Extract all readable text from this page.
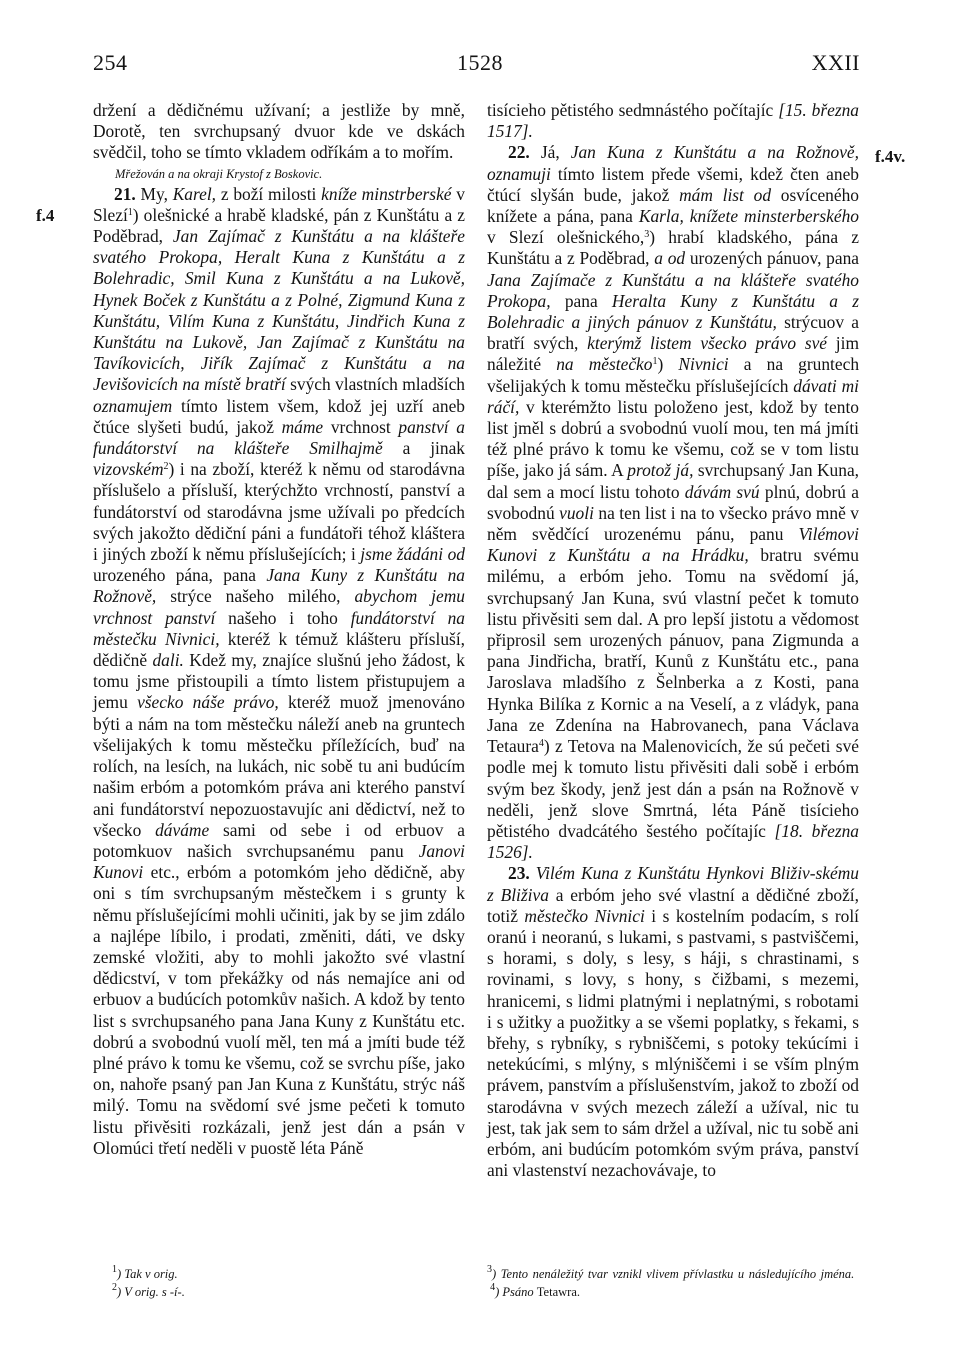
254	1528	XXII
f.4
f.4v.

držení a dědičnému užívaní; a jestliže by mně, Dorotě, ten svrchupsaný dvuor kde ve dskách svědčil, toho se tímto vkladem odříkám a to mořím.

Mřežován a na okraji Krystof z Boskovic.

21. My, Karel, z boží milosti kníže minstrberské v Slezí$^1$) olešnické a hrabě kladské, pán z Kunštátu a z Poděbrad, Jan Zajímač z Kunštátu a na klášteře svatého Prokopa, Heralt Kuna z Kunštátu a z Bolehradic, Smil Kuna z Kunštátu a na Lukově, Hynek Boček z Kunštátu a z Polné, Zigmund Kuna z Kunštátu, Vilím Kuna z Kunštátu, Jindřich Kuna z Kunštátu na Lukově, Jan Zajímač z Kunštátu na Tavíkovicích, Jiřík Zajímač z Kunštátu a na Jevišovicích na místě bratří svých vlastních mladších oznamujem tímto listem všem, kdož jej uzří aneb čtúce slyšeti budú, jakož máme vrchnost panství a fundátorství na klášteře Smilhajmě a jinak vizovském$^2$) i na zboží, kteréž k němu od starodávna příslušelo a přísluší, kterýchžto vrchností, panství a fundátorství od starodávna jsme užívali po předcích svých jakožto dědiční páni a fundátoři téhož kláštera i jiných zboží k němu příslušejících; i jsme žádáni od urozeného pána, pana Jana Kuny z Kunštátu na Rožnově, strýce našeho milého, abychom jemu vrchnost panství našeho i toho fundátorství na městečku Nivnici, kteréž k témuž klášteru přísluší, dědičně dali. Kdež my, znajíce slušnú jeho žádost, k tomu jsme přistoupili a tímto listem přistupujem a jemu všecko náše právo, kteréž muož jmenováno býti a nám na tom městečku náleží aneb na gruntech všelijakých k tomu městečku příležících, buď na rolích, na lesích, na lukách, nic sobě tu ani budúcím našim erbóm a potomkóm práva ani kterého panství ani fundátorství nepozuostavujíc ani dědictví, než to všecko dáváme sami od sebe i od erbuov a potomkuov našich svrchupsanému panu Janovi Kunovi etc., erbóm a potomkóm jeho dědičně, aby oni s tím svrchupsaným městečkem i s grunty k němu příslušejícími mohli učiniti, jak by se jim zdálo a najlépe líbilo, i prodati, změniti, dáti, ve dsky zemské vložiti, aby to mohli jakožto své vlastní dědicství, v tom překážky od nás nemajíce ani od erbuov a budúcích potomkův našich. A kdož by tento list s svrchupsaného pana Jana Kuny z Kunštátu etc. dobrú a svobodnú vuolí měl, ten má a jmíti bude též plné právo k tomu ke všemu, což se svrchu píše, jako on, nahoře psaný pan Jan Kuna z Kunštátu, strýc náš milý. Tomu na svědomí své jsme pečeti k tomuto listu přivěsiti rozkázali, jenž jest dán a psán v Olomúci třetí neděli v puostě léta Páně

tisícieho pětistého sedmnástého počítajíc [15. března 1517].

22. Já, Jan Kuna z Kunštátu a na Rožnově, oznamuji tímto listem přede všemi, kdež čten aneb čtúcí slyšán bude, jakož mám list od osvíceného knížete a pána, pana Karla, knížete minsterberského v Slezí olešnického,$^3$) hrabí kladského, pána z Kunštátu a z Poděbrad, a od urozených pánuov, pana Jana Zajímače z Kunštátu a na klášteře svatého Prokopa, pana Heralta Kuny z Kunštátu a z Bolehradic a jiných pánuov z Kunštátu, strýcuov a bratří svých, kterýmž listem všecko právo své jim náležité na městečko$^1$) Nivnici a na gruntech všelijakých k tomu městečku příslušejících dávati mi ráčí, v kterémžto listu položeno jest, kdož by tento list jměl s dobrú a svobodnú vuolí mou, ten má jmíti též plné právo k tomu ke všemu, což se v tom listu píše, jako já sám. A protož já, svrchupsaný Jan Kuna, dal sem a mocí listu tohoto dávám svú plnú, dobrú a svobodnú vuoli na ten list i na to všecko právo mně v něm svědčící urozenému pánu, panu Vilémovi Kunovi z Kunštátu a na Hrádku, bratru svému milému, a erbóm jeho. Tomu na svědomí já, svrchupsaný Jan Kuna, svú vlastní pečet k tomuto listu přivěsiti sem dal. A pro lepší jistotu a vědomost připrosil sem urozených pánuov, pana Zigmunda a pana Jindřicha, bratří, Kunů z Kunštátu etc., pana Jaroslava mladšího z Šelnberka a z Kosti, pana Hynka Bilíka z Kornic a na Veselí, a z vládyk, pana Jana ze Zdenína na Habrovanech, pana Václava Tetaura$^4$) z Tetova na Malenovicích, že sú pečeti své podle mej k tomuto listu přivěsiti dali sobě i erbóm svým bez škody, jenž jest dán a psán na Rožnově v neděli, jenž slove Smrtná, léta Páně tisícieho pětistého dvadcátého šestého počítajíc [18. března 1526].

23. Vilém Kuna z Kunštátu Hynkovi Bliživ-skému z Bliživa a erbóm jeho své vlastní a dědičné zboží, totiž městečko Nivnici i s kostelním podacím, s rolí oranú i neoranú, s lukami, s pastvami, s pastviščemi, s horami, s doly, s lesy, s háji, s chrastinami, s rovinami, s lovy, s hony, s čižbami, s mezemi, hranicemi, s lidmi platnými i neplatnými, s robotami i s užitky a puožitky a se všemi poplatky, s řekami, s břehy, s rybníky, s rybniščemi, s potoky tekúcími i netekúcími, s mlýny, s mlýniščemi i se vším plným právem, panstvím a příslušenstvím, jakož to zboží od starodávna v svých mezech záleží a užíval, nic tu jest, tak jak sem to sám držel a užíval, nic tu sobě ani erbóm, ani budúcím potomkóm svým práva, panství ani vlastenství nezachovávaje, to

$^1$) Tak v orig.

$^2$) V orig. s -í-.

$^3$) Tento nenáležitý tvar vznikl vlivem přívlastku u následujícího jména.    $^4$) Psáno Tetawra.
